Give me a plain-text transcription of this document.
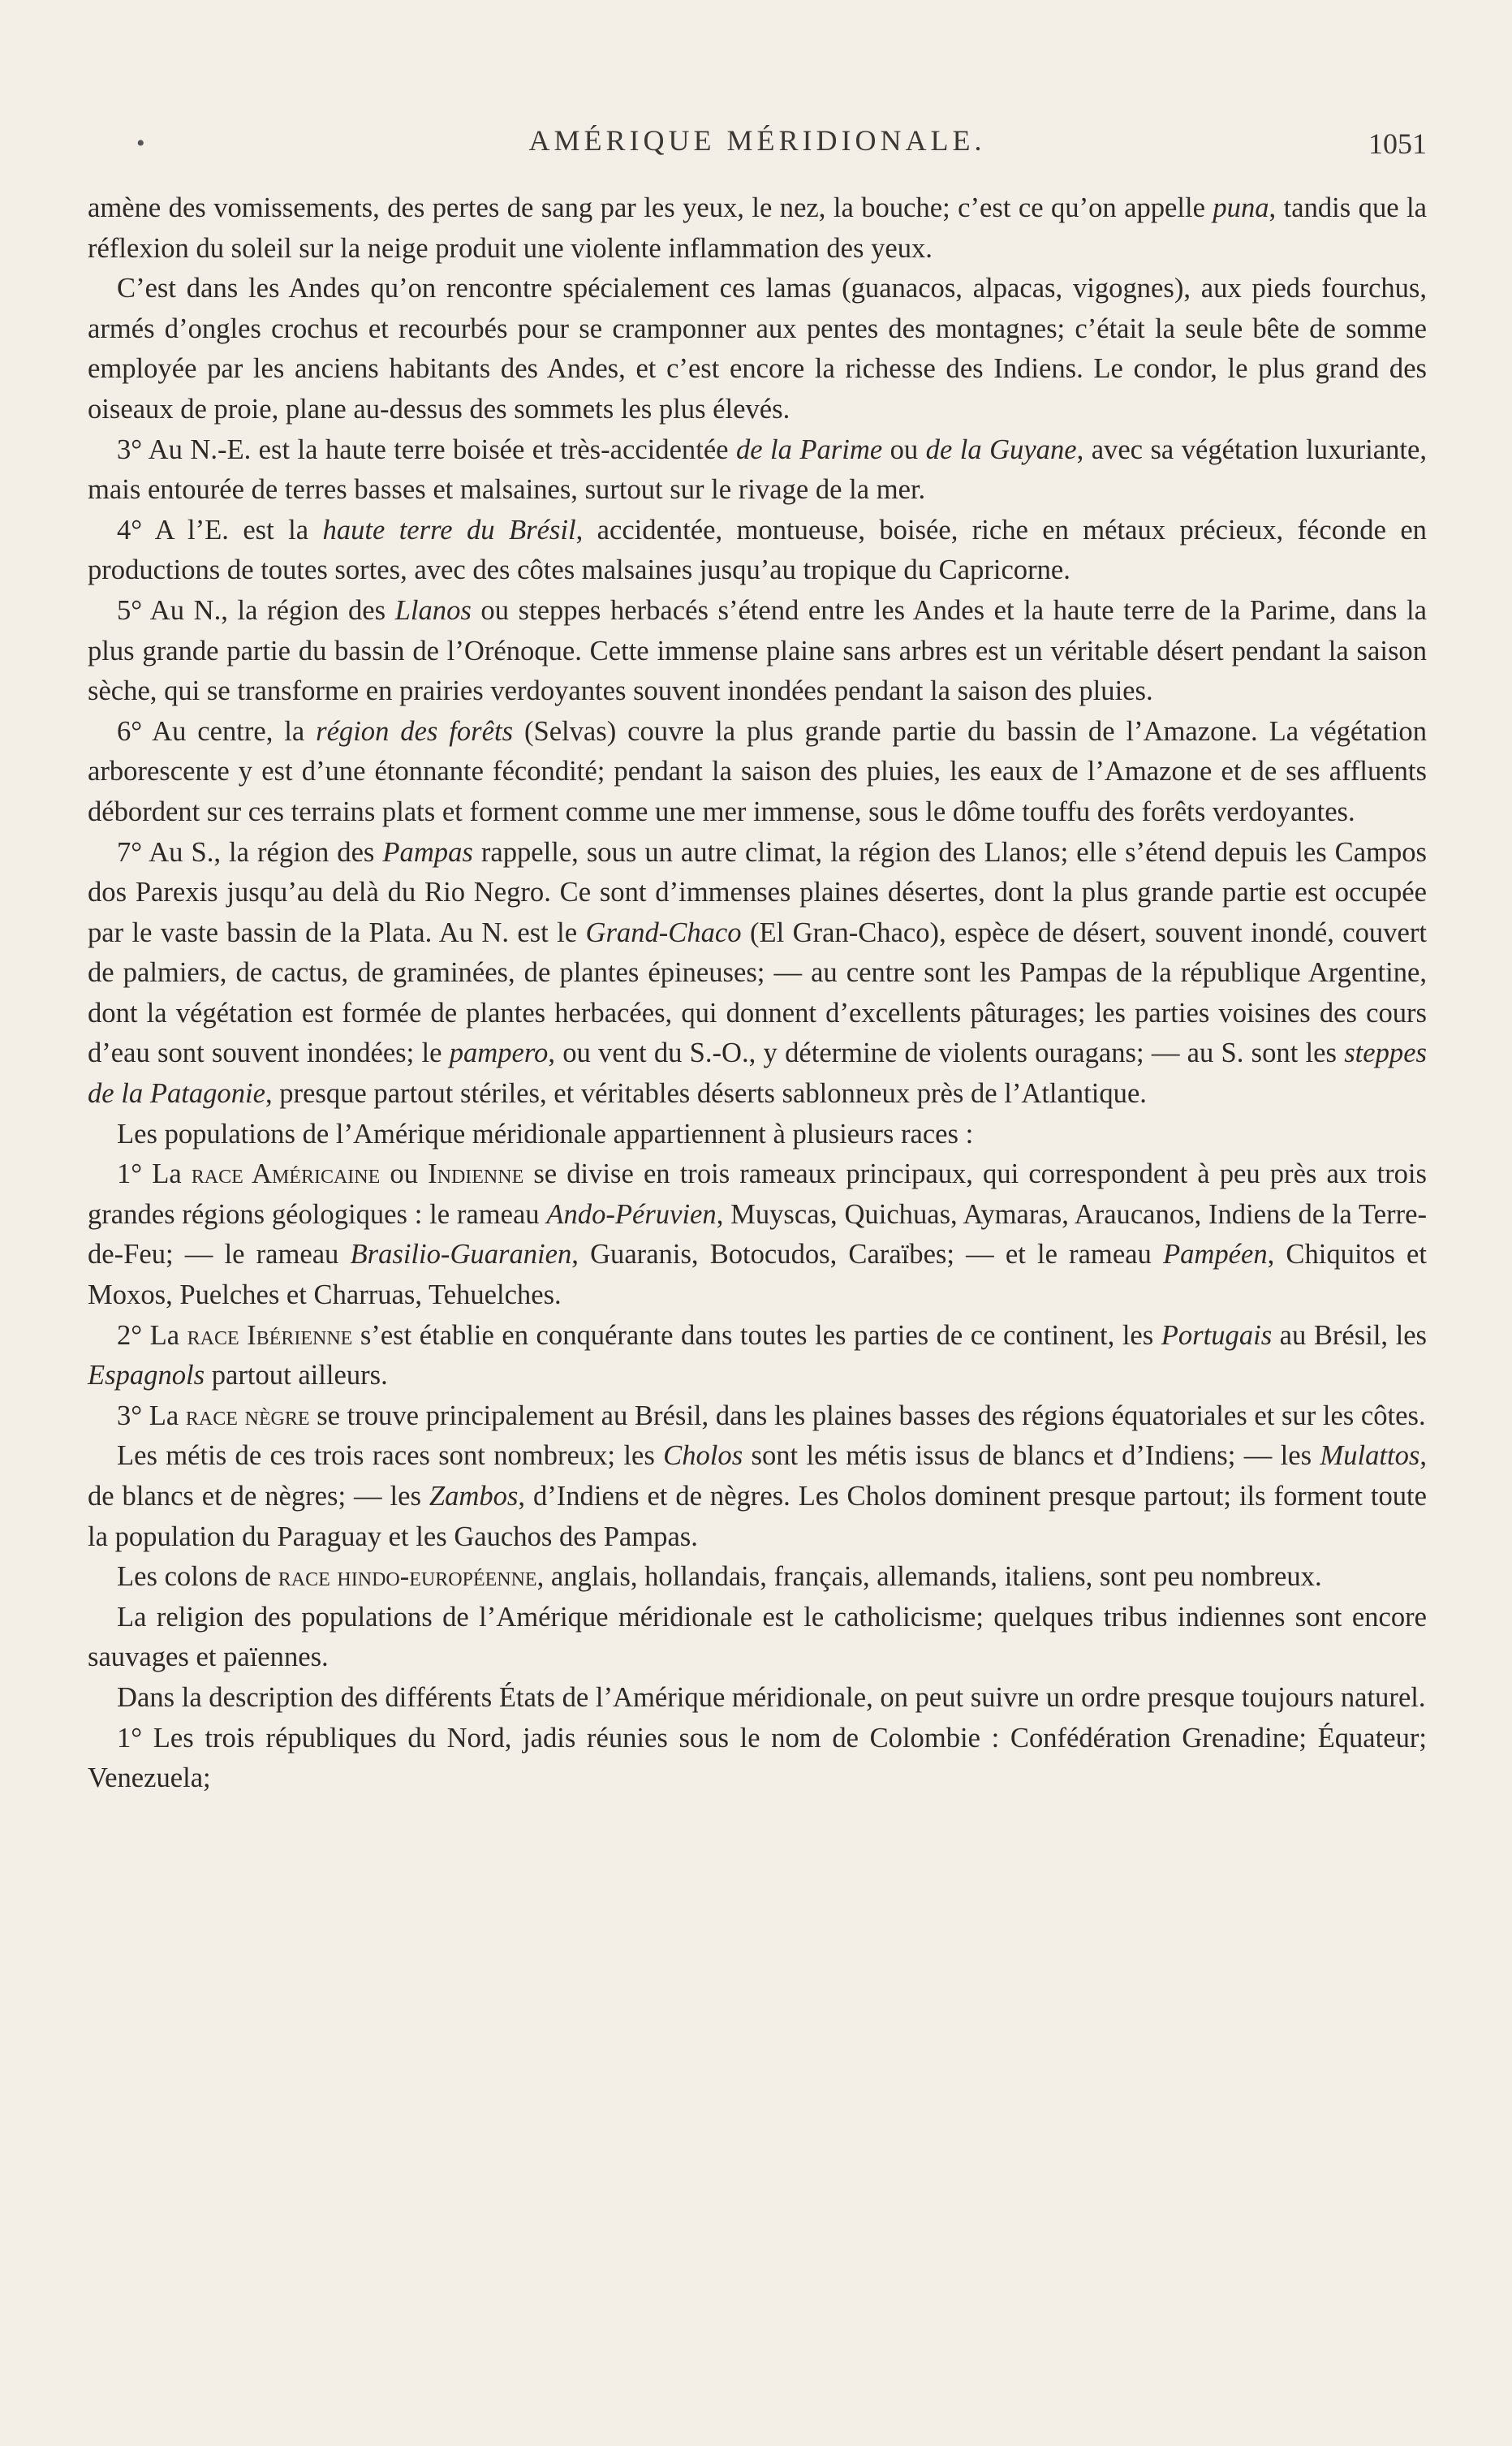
•	AMÉRIQUE MÉRIDIONALE.	1051

amène des vomissements, des pertes de sang par les yeux, le nez, la bouche; c’est ce qu’on appelle puna, tandis que la réflexion du soleil sur la neige produit une violente inflammation des yeux.

C’est dans les Andes qu’on rencontre spécialement ces lamas (guanacos, alpacas, vigognes), aux pieds fourchus, armés d’ongles crochus et recourbés pour se cramponner aux pentes des montagnes; c’était la seule bête de somme employée par les anciens habitants des Andes, et c’est encore la richesse des Indiens. Le condor, le plus grand des oiseaux de proie, plane au-dessus des sommets les plus élevés.

3° Au N.-E. est la haute terre boisée et très-accidentée de la Parime ou de la Guyane, avec sa végétation luxuriante, mais entourée de terres basses et malsaines, surtout sur le rivage de la mer.

4° A l’E. est la haute terre du Brésil, accidentée, montueuse, boisée, riche en métaux précieux, féconde en productions de toutes sortes, avec des côtes malsaines jusqu’au tropique du Capricorne.

5° Au N., la région des Llanos ou steppes herbacés s’étend entre les Andes et la haute terre de la Parime, dans la plus grande partie du bassin de l’Orénoque. Cette immense plaine sans arbres est un véritable désert pendant la saison sèche, qui se transforme en prairies verdoyantes souvent inondées pendant la saison des pluies.

6° Au centre, la région des forêts (Selvas) couvre la plus grande partie du bassin de l’Amazone. La végétation arborescente y est d’une étonnante fécondité; pendant la saison des pluies, les eaux de l’Amazone et de ses affluents débordent sur ces terrains plats et forment comme une mer immense, sous le dôme touffu des forêts verdoyantes.

7° Au S., la région des Pampas rappelle, sous un autre climat, la région des Llanos; elle s’étend depuis les Campos dos Parexis jusqu’au delà du Rio Negro. Ce sont d’immenses plaines désertes, dont la plus grande partie est occupée par le vaste bassin de la Plata. Au N. est le Grand-Chaco (El Gran-Chaco), espèce de désert, souvent inondé, couvert de palmiers, de cactus, de graminées, de plantes épineuses; — au centre sont les Pampas de la république Argentine, dont la végétation est formée de plantes herbacées, qui donnent d’excellents pâturages; les parties voisines des cours d’eau sont souvent inondées; le pampero, ou vent du S.-O., y détermine de violents ouragans; — au S. sont les steppes de la Patagonie, presque partout stériles, et véritables déserts sablonneux près de l’Atlantique.

Les populations de l’Amérique méridionale appartiennent à plusieurs races :

1° La race Américaine ou Indienne se divise en trois rameaux principaux, qui correspondent à peu près aux trois grandes régions géologiques : le rameau Ando-Péruvien, Muyscas, Quichuas, Aymaras, Araucanos, Indiens de la Terre-de-Feu; — le rameau Brasilio-Guaranien, Guaranis, Botocudos, Caraïbes; — et le rameau Pampéen, Chiquitos et Moxos, Puelches et Charruas, Tehuelches.

2° La race Ibérienne s’est établie en conquérante dans toutes les parties de ce continent, les Portugais au Brésil, les Espagnols partout ailleurs.

3° La race nègre se trouve principalement au Brésil, dans les plaines basses des régions équatoriales et sur les côtes.

Les métis de ces trois races sont nombreux; les Cholos sont les métis issus de blancs et d’Indiens; — les Mulattos, de blancs et de nègres; — les Zambos, d’Indiens et de nègres. Les Cholos dominent presque partout; ils forment toute la population du Paraguay et les Gauchos des Pampas.

Les colons de race hindo-européenne, anglais, hollandais, français, allemands, italiens, sont peu nombreux.

La religion des populations de l’Amérique méridionale est le catholicisme; quelques tribus indiennes sont encore sauvages et païennes.

Dans la description des différents États de l’Amérique méridionale, on peut suivre un ordre presque toujours naturel.

1° Les trois républiques du Nord, jadis réunies sous le nom de Colombie : Confédération Grenadine; Équateur; Venezuela;
